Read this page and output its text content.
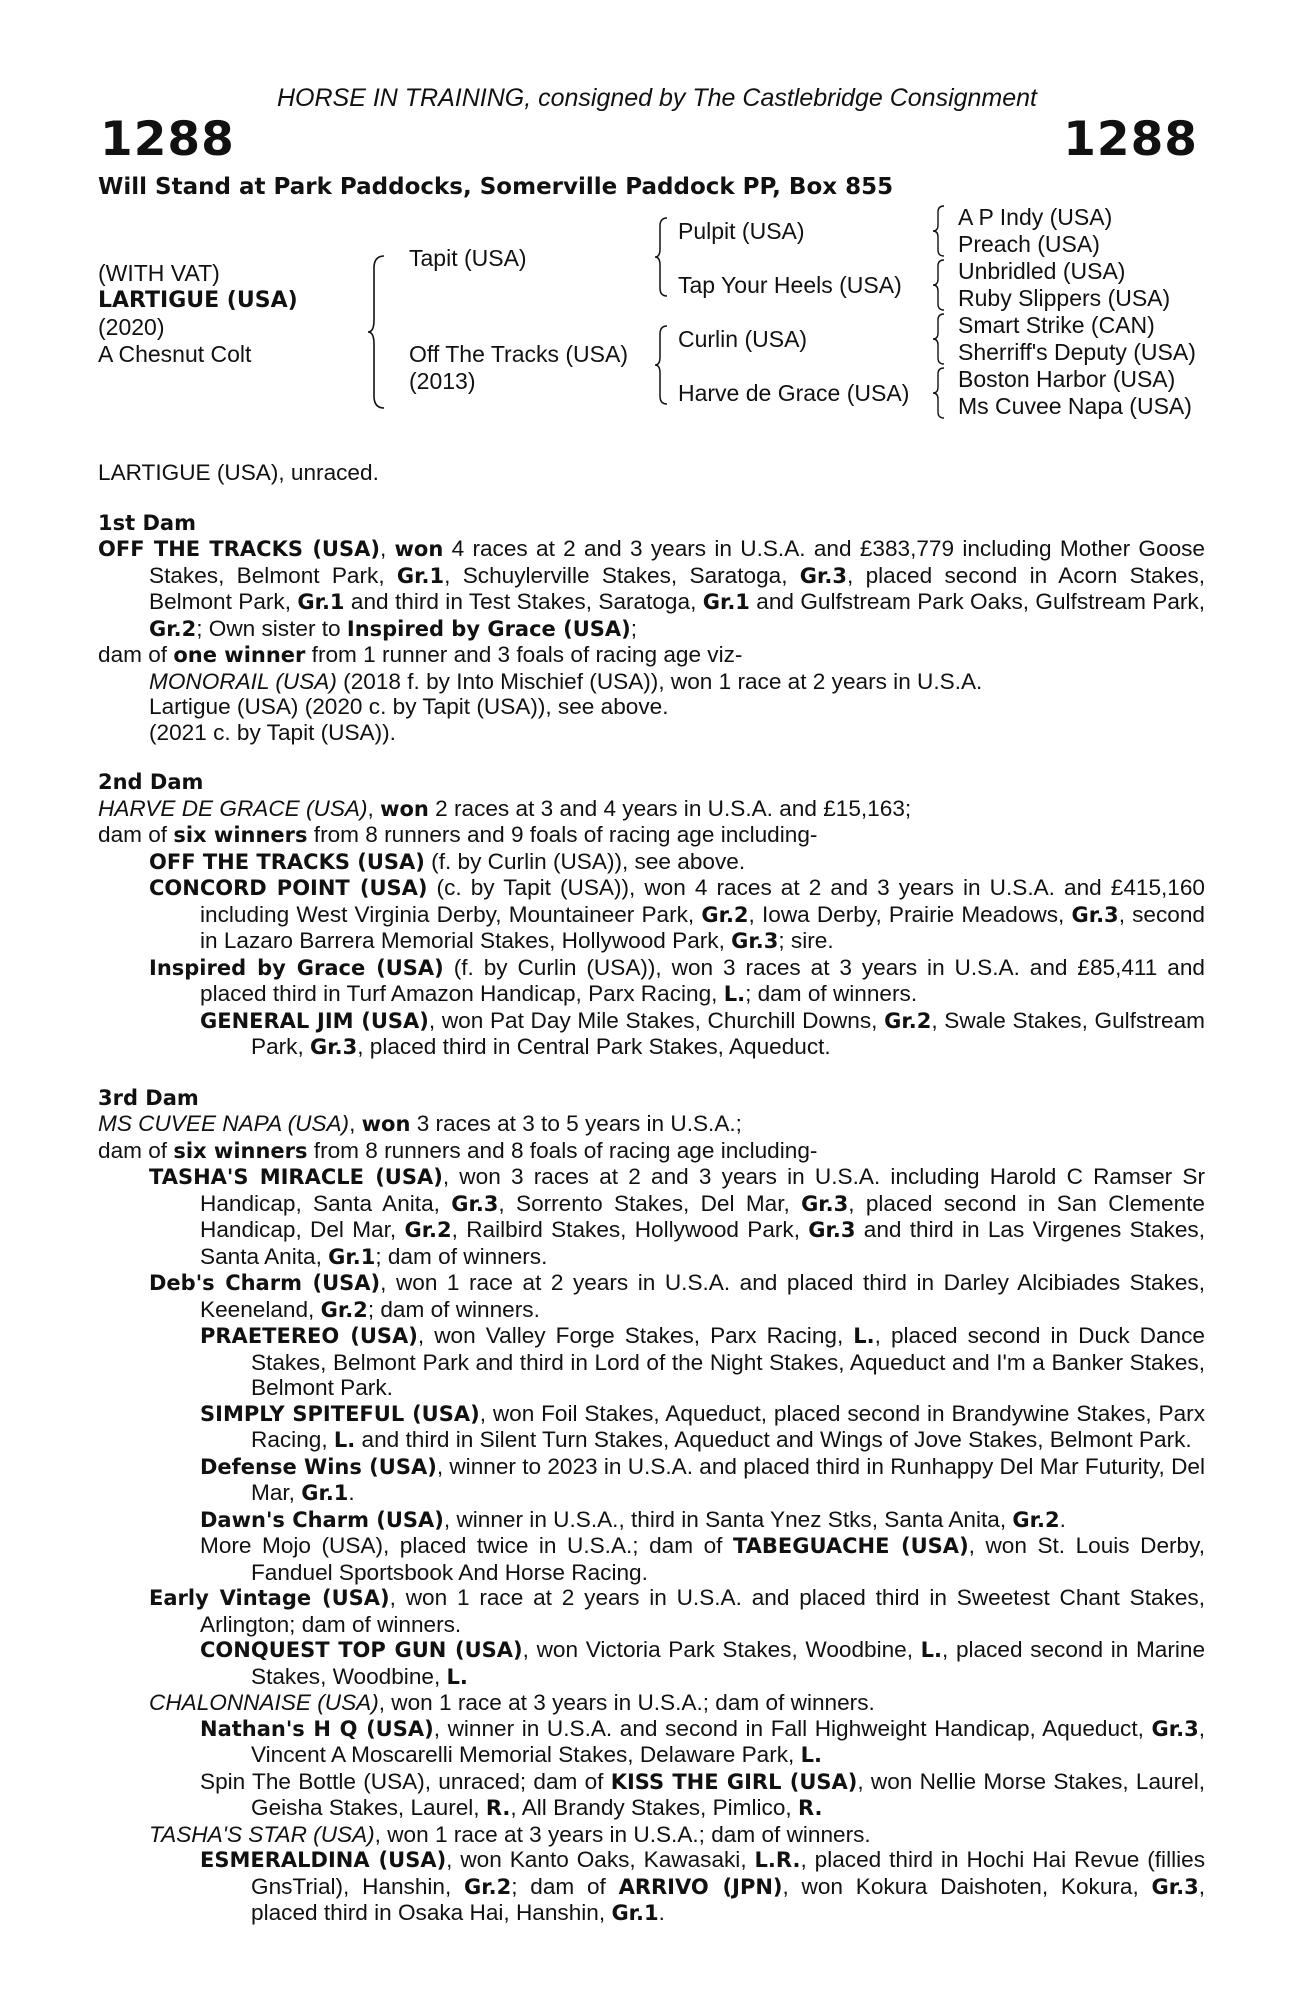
HORSE IN TRAINING, consigned by The Castlebridge Consignment
1288	1288
Will Stand at Park Paddocks, Somerville Paddock PP, Box 855
(WITH VAT)
LARTIGUE (USA)
(2020)
A Chesnut Colt
Tapit (USA)
Off The Tracks (USA)
(2013)
Pulpit (USA)
Tap Your Heels (USA)
Curlin (USA)
Harve de Grace (USA)
A P Indy (USA)
Preach (USA)
Unbridled (USA)
Ruby Slippers (USA)
Smart Strike (CAN)
Sherriff's Deputy (USA)
Boston Harbor (USA)
Ms Cuvee Napa (USA)

LARTIGUE (USA), unraced.

1st Dam

OFF THE TRACKS (USA), won 4 races at 2 and 3 years in U.S.A. and £383,779 including Mother Goose Stakes, Belmont Park, Gr.1, Schuylerville Stakes, Saratoga, Gr.3, placed second in Acorn Stakes, Belmont Park, Gr.1 and third in Test Stakes, Saratoga, Gr.1 and Gulfstream Park Oaks, Gulfstream Park, Gr.2; Own sister to Inspired by Grace (USA);

dam of one winner from 1 runner and 3 foals of racing age viz-

MONORAIL (USA) (2018 f. by Into Mischief (USA)), won 1 race at 2 years in U.S.A.

Lartigue (USA) (2020 c. by Tapit (USA)), see above.

(2021 c. by Tapit (USA)).

2nd Dam

HARVE DE GRACE (USA), won 2 races at 3 and 4 years in U.S.A. and £15,163;

dam of six winners from 8 runners and 9 foals of racing age including-

OFF THE TRACKS (USA) (f. by Curlin (USA)), see above.

CONCORD POINT (USA) (c. by Tapit (USA)), won 4 races at 2 and 3 years in U.S.A. and £415,160 including West Virginia Derby, Mountaineer Park, Gr.2, Iowa Derby, Prairie Meadows, Gr.3, second in Lazaro Barrera Memorial Stakes, Hollywood Park, Gr.3; sire.

Inspired by Grace (USA) (f. by Curlin (USA)), won 3 races at 3 years in U.S.A. and £85,411 and placed third in Turf Amazon Handicap, Parx Racing, L.; dam of winners.

GENERAL JIM (USA), won Pat Day Mile Stakes, Churchill Downs, Gr.2, Swale Stakes, Gulfstream Park, Gr.3, placed third in Central Park Stakes, Aqueduct.

3rd Dam

MS CUVEE NAPA (USA), won 3 races at 3 to 5 years in U.S.A.;

dam of six winners from 8 runners and 8 foals of racing age including-

TASHA'S MIRACLE (USA), won 3 races at 2 and 3 years in U.S.A. including Harold C Ramser Sr Handicap, Santa Anita, Gr.3, Sorrento Stakes, Del Mar, Gr.3, placed second in San Clemente Handicap, Del Mar, Gr.2, Railbird Stakes, Hollywood Park, Gr.3 and third in Las Virgenes Stakes, Santa Anita, Gr.1; dam of winners.

Deb's Charm (USA), won 1 race at 2 years in U.S.A. and placed third in Darley Alcibiades Stakes, Keeneland, Gr.2; dam of winners.

PRAETEREO (USA), won Valley Forge Stakes, Parx Racing, L., placed second in Duck Dance Stakes, Belmont Park and third in Lord of the Night Stakes, Aqueduct and I'm a Banker Stakes, Belmont Park.

SIMPLY SPITEFUL (USA), won Foil Stakes, Aqueduct, placed second in Brandywine Stakes, Parx Racing, L. and third in Silent Turn Stakes, Aqueduct and Wings of Jove Stakes, Belmont Park.

Defense Wins (USA), winner to 2023 in U.S.A. and placed third in Runhappy Del Mar Futurity, Del Mar, Gr.1.

Dawn's Charm (USA), winner in U.S.A., third in Santa Ynez Stks, Santa Anita, Gr.2.

More Mojo (USA), placed twice in U.S.A.; dam of TABEGUACHE (USA), won St. Louis Derby, Fanduel Sportsbook And Horse Racing.

Early Vintage (USA), won 1 race at 2 years in U.S.A. and placed third in Sweetest Chant Stakes, Arlington; dam of winners.

CONQUEST TOP GUN (USA), won Victoria Park Stakes, Woodbine, L., placed second in Marine Stakes, Woodbine, L.

CHALONNAISE (USA), won 1 race at 3 years in U.S.A.; dam of winners.

Nathan's H Q (USA), winner in U.S.A. and second in Fall Highweight Handicap, Aqueduct, Gr.3, Vincent A Moscarelli Memorial Stakes, Delaware Park, L.

Spin The Bottle (USA), unraced; dam of KISS THE GIRL (USA), won Nellie Morse Stakes, Laurel, Geisha Stakes, Laurel, R., All Brandy Stakes, Pimlico, R.

TASHA'S STAR (USA), won 1 race at 3 years in U.S.A.; dam of winners.

ESMERALDINA (USA), won Kanto Oaks, Kawasaki, L.R., placed third in Hochi Hai Revue (fillies GnsTrial), Hanshin, Gr.2; dam of ARRIVO (JPN), won Kokura Daishoten, Kokura, Gr.3, placed third in Osaka Hai, Hanshin, Gr.1.
